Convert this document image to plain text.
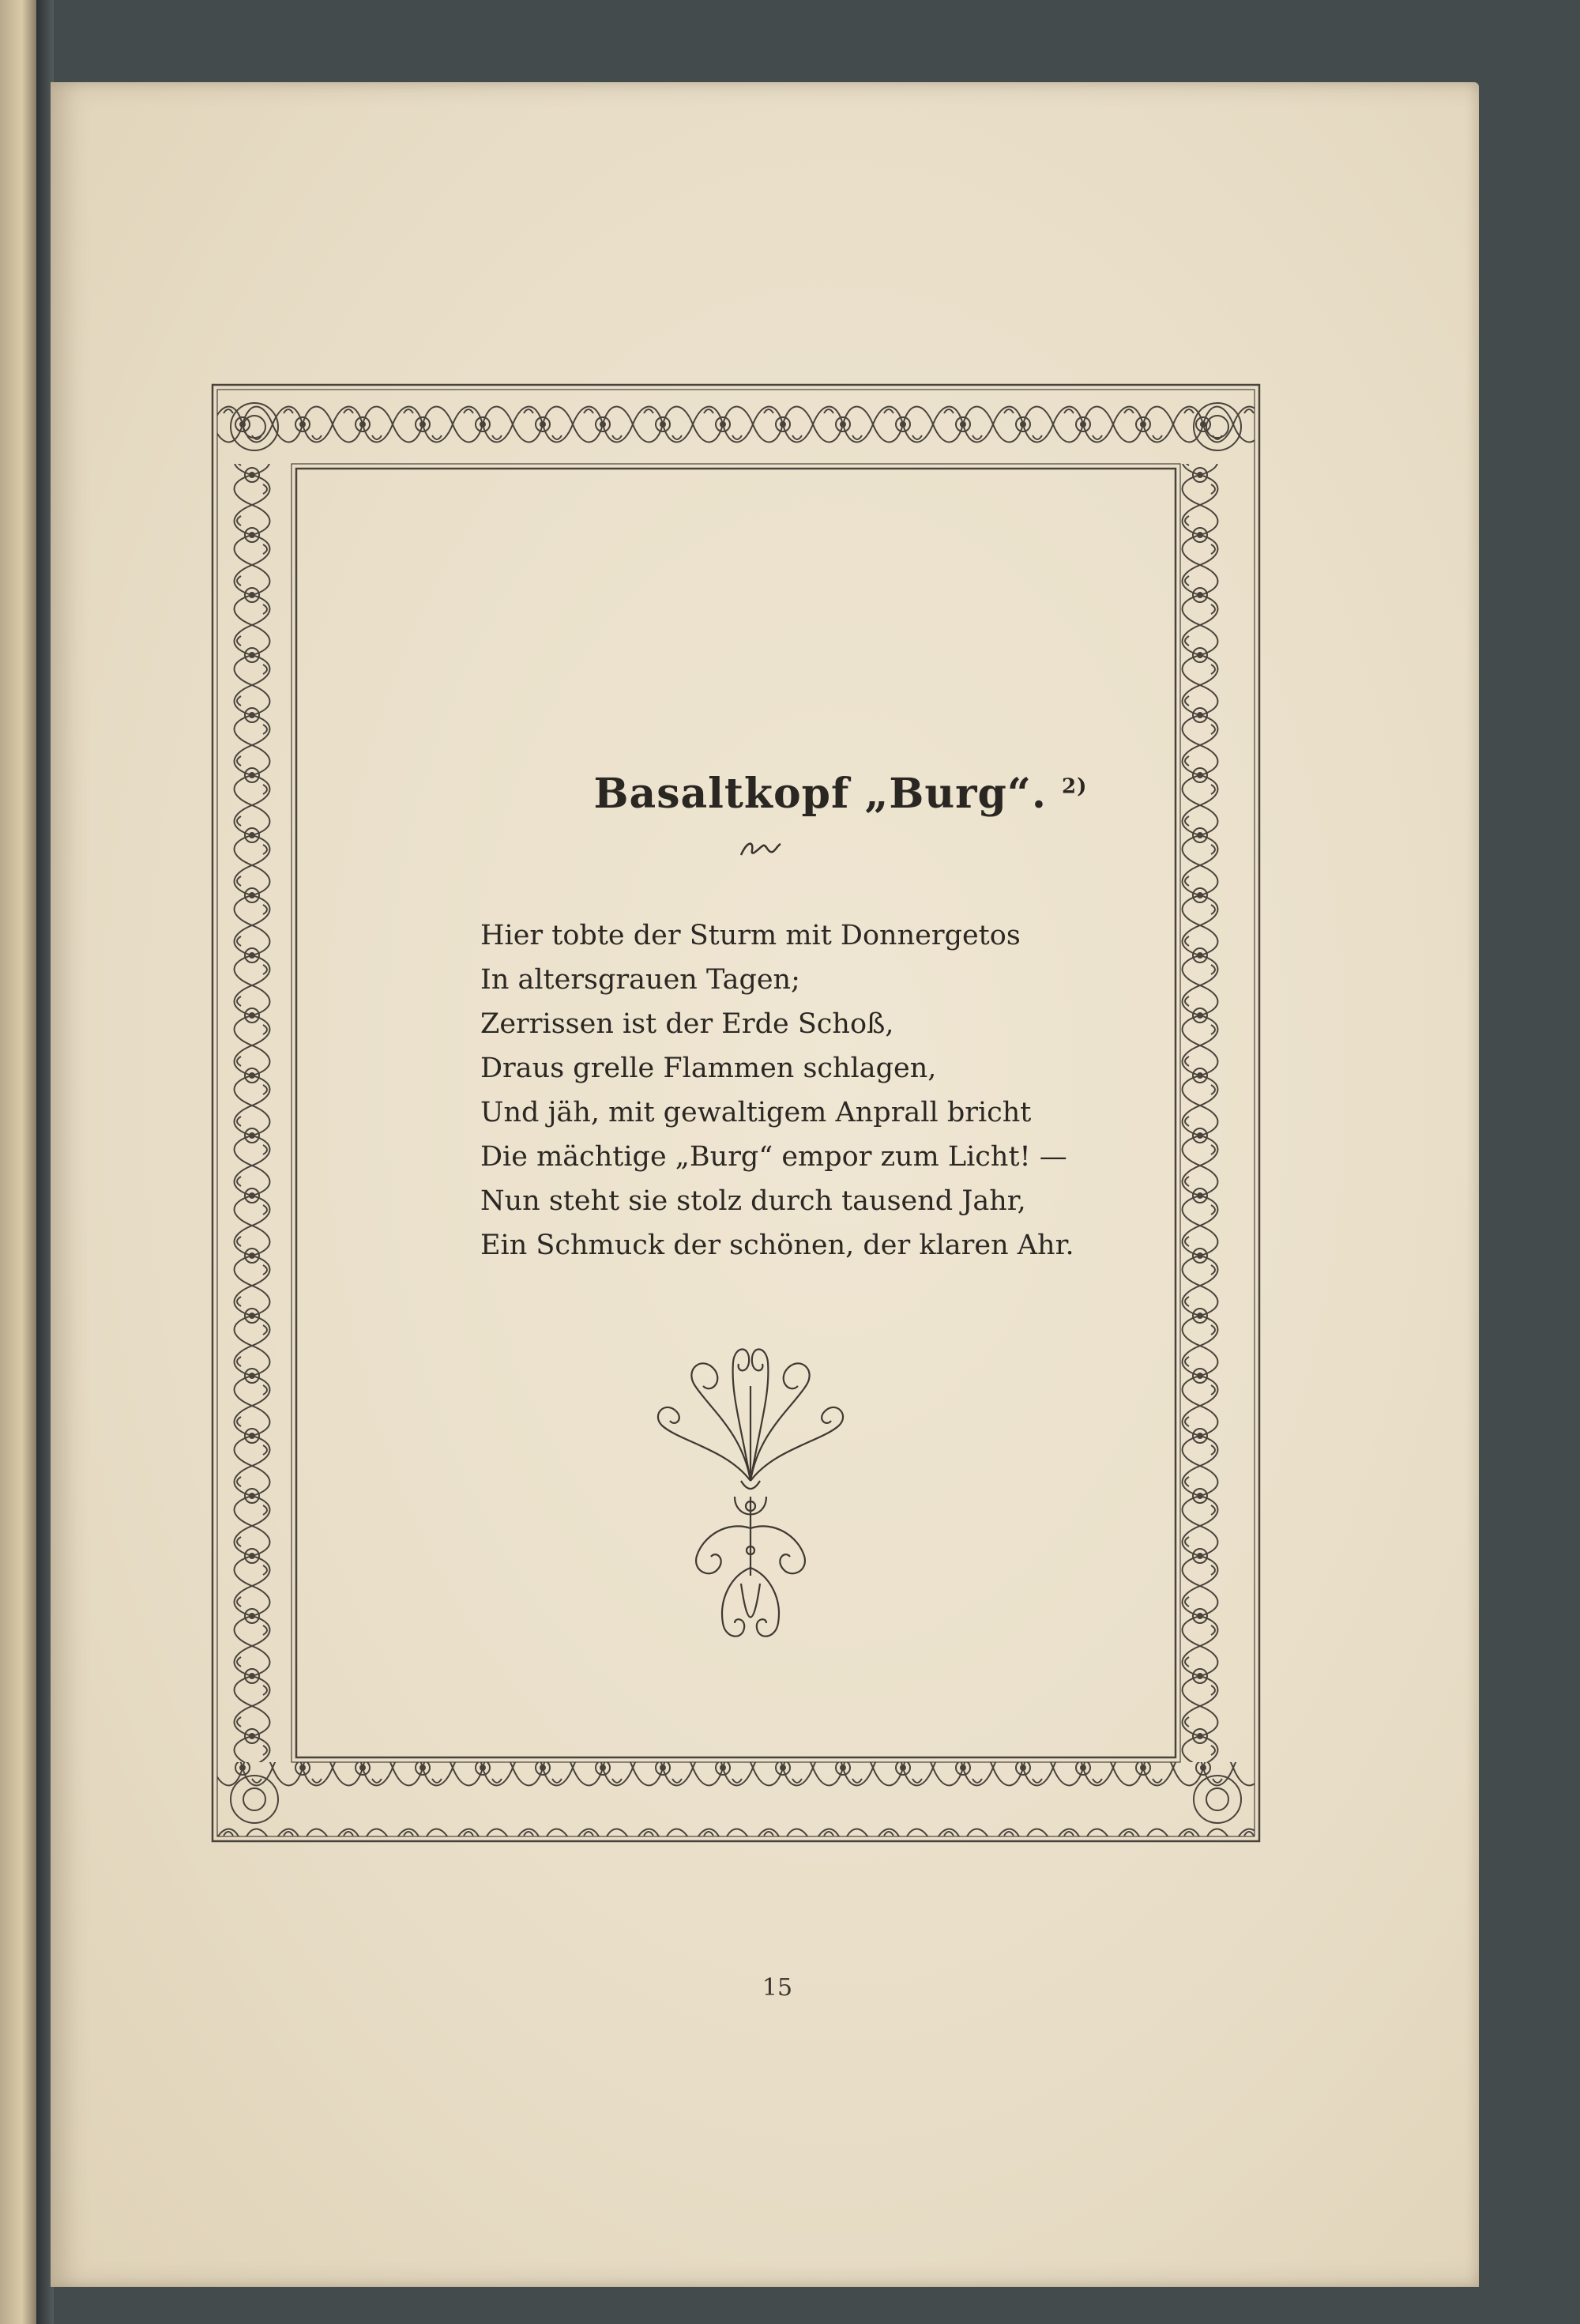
Basaltkopf „Burg“. $^{2)}$
Hier tobte der Sturm mit Donnergetos
In altersgrauen Tagen;
Zerrissen ist der Erde Schoß,
Draus grelle Flammen schlagen,
Und jäh, mit gewaltigem Anprall bricht
Die mächtige „Burg“ empor zum Licht! —
Nun steht sie stolz durch tausend Jahr,
Ein Schmuck der schönen, der klaren Ahr.
15
